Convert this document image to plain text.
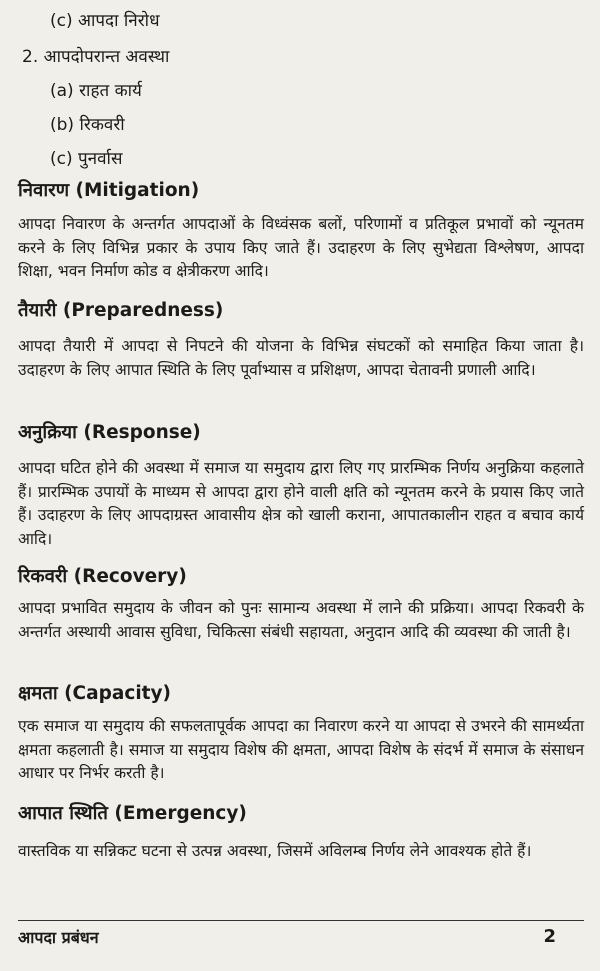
(c) आपदा निरोध
2. आपदोपरान्त अवस्था
(a) राहत कार्य
(b) रिकवरी
(c) पुनर्वास
निवारण (Mitigation)
आपदा निवारण के अन्तर्गत आपदाओं के विध्वंसक बलों, परिणामों व प्रतिकूल प्रभावों को न्यूनतम करने के लिए विभिन्न प्रकार के उपाय किए जाते हैं। उदाहरण के लिए सुभेद्यता विश्लेषण, आपदा शिक्षा, भवन निर्माण कोड व क्षेत्रीकरण आदि।
तैयारी (Preparedness)
आपदा तैयारी में आपदा से निपटने की योजना के विभिन्न संघटकों को समाहित किया जाता है। उदाहरण के लिए आपात स्थिति के लिए पूर्वाभ्यास व प्रशिक्षण, आपदा चेतावनी प्रणाली आदि।
अनुक्रिया (Response)
आपदा घटित होने की अवस्था में समाज या समुदाय द्वारा लिए गए प्रारम्भिक निर्णय अनुक्रिया कहलाते हैं। प्रारम्भिक उपायों के माध्यम से आपदा द्वारा होने वाली क्षति को न्यूनतम करने के प्रयास किए जाते हैं। उदाहरण के लिए आपदाग्रस्त आवासीय क्षेत्र को खाली कराना, आपातकालीन राहत व बचाव कार्य आदि।
रिकवरी (Recovery)
आपदा प्रभावित समुदाय के जीवन को पुनः सामान्य अवस्था में लाने की प्रक्रिया। आपदा रिकवरी के अन्तर्गत अस्थायी आवास सुविधा, चिकित्सा संबंधी सहायता, अनुदान आदि की व्यवस्था की जाती है।
क्षमता (Capacity)
एक समाज या समुदाय की सफलतापूर्वक आपदा का निवारण करने या आपदा से उभरने की सामर्थ्यता क्षमता कहलाती है। समाज या समुदाय विशेष की क्षमता, आपदा विशेष के संदर्भ में समाज के संसाधन आधार पर निर्भर करती है।
आपात स्थिति (Emergency)
वास्तविक या सन्निकट घटना से उत्पन्न अवस्था, जिसमें अविलम्ब निर्णय लेने आवश्यक होते हैं।
आपदा प्रबंधन	2
